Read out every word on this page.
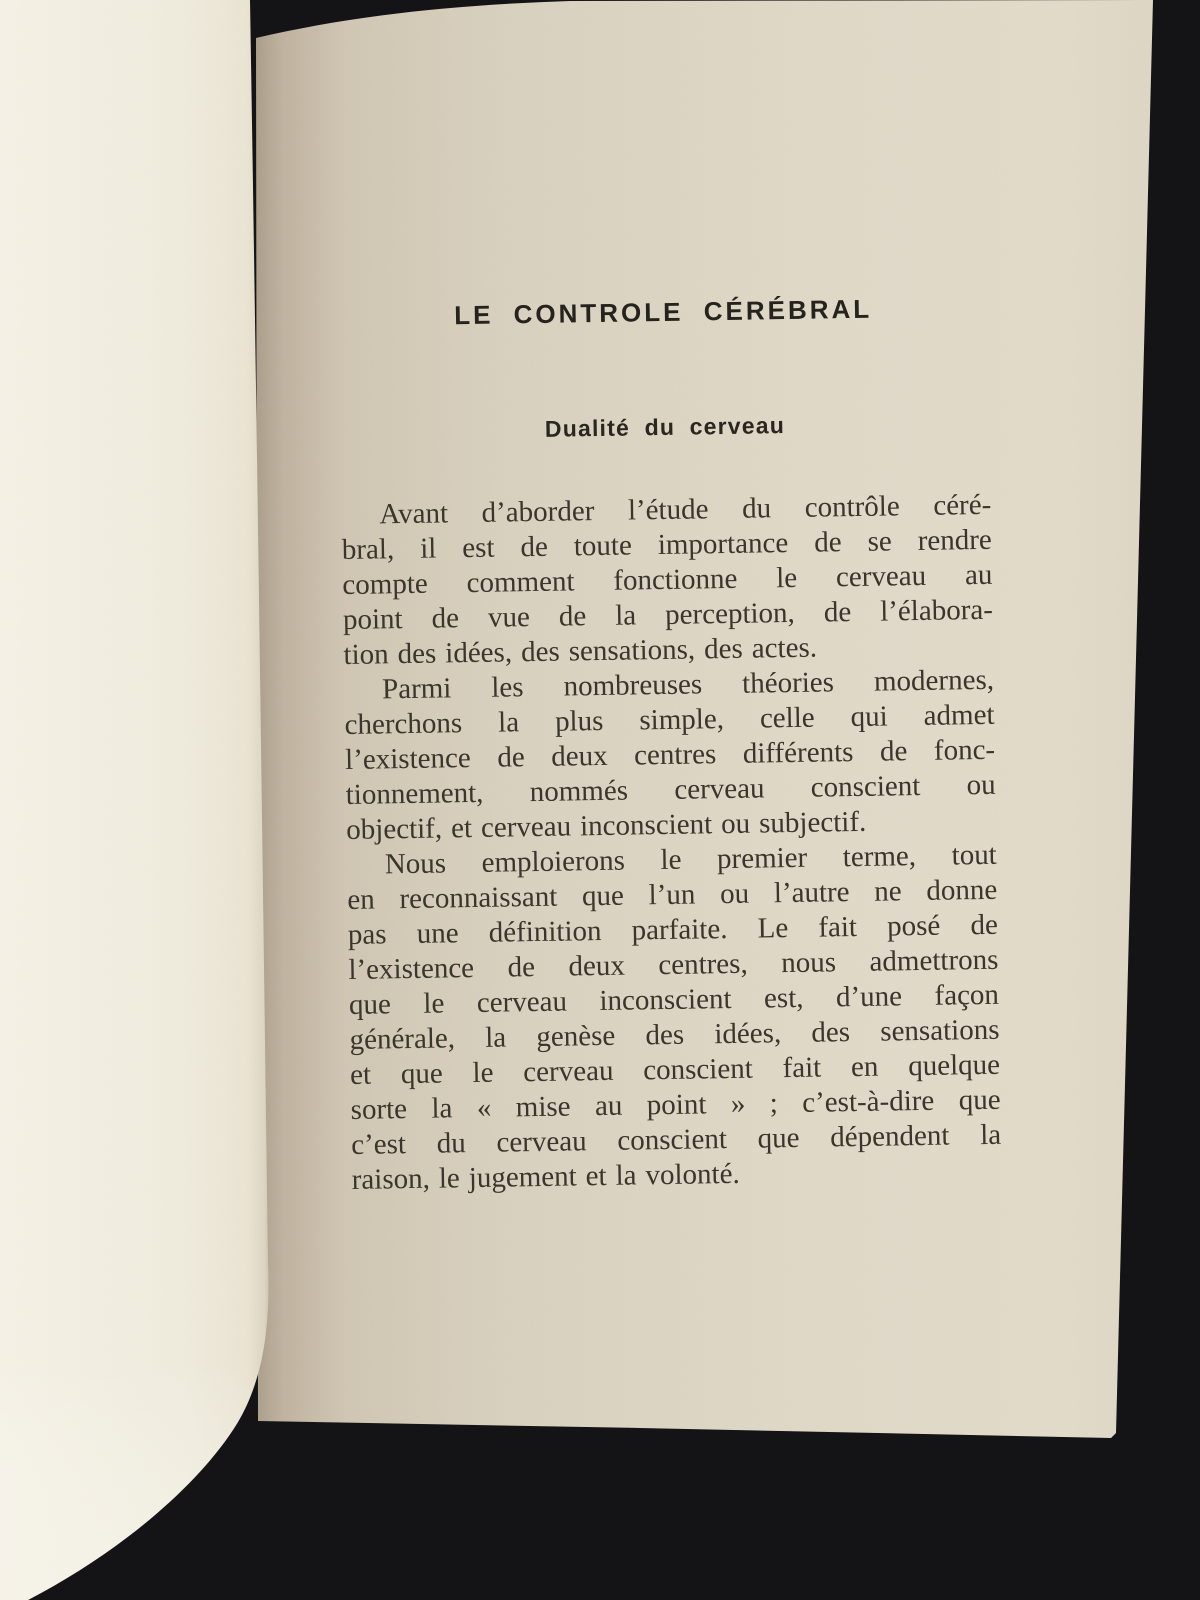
LE CONTROLE CÉRÉBRAL
Dualité du cerveau
Avant d’aborder l’étude du contrôle céré-
bral, il est de toute importance de se rendre
compte comment fonctionne le cerveau au
point de vue de la perception, de l’élabora-
tion des idées, des sensations, des actes.
Parmi les nombreuses théories modernes,
cherchons la plus simple, celle qui admet
l’existence de deux centres différents de fonc-
tionnement, nommés cerveau conscient ou
objectif, et cerveau inconscient ou subjectif.
Nous emploierons le premier terme, tout
en reconnaissant que l’un ou l’autre ne donne
pas une définition parfaite. Le fait posé de
l’existence de deux centres, nous admettrons
que le cerveau inconscient est, d’une façon
générale, la genèse des idées, des sensations
et que le cerveau conscient fait en quelque
sorte la « mise au point » ; c’est-à-dire que
c’est du cerveau conscient que dépendent la
raison, le jugement et la volonté.
